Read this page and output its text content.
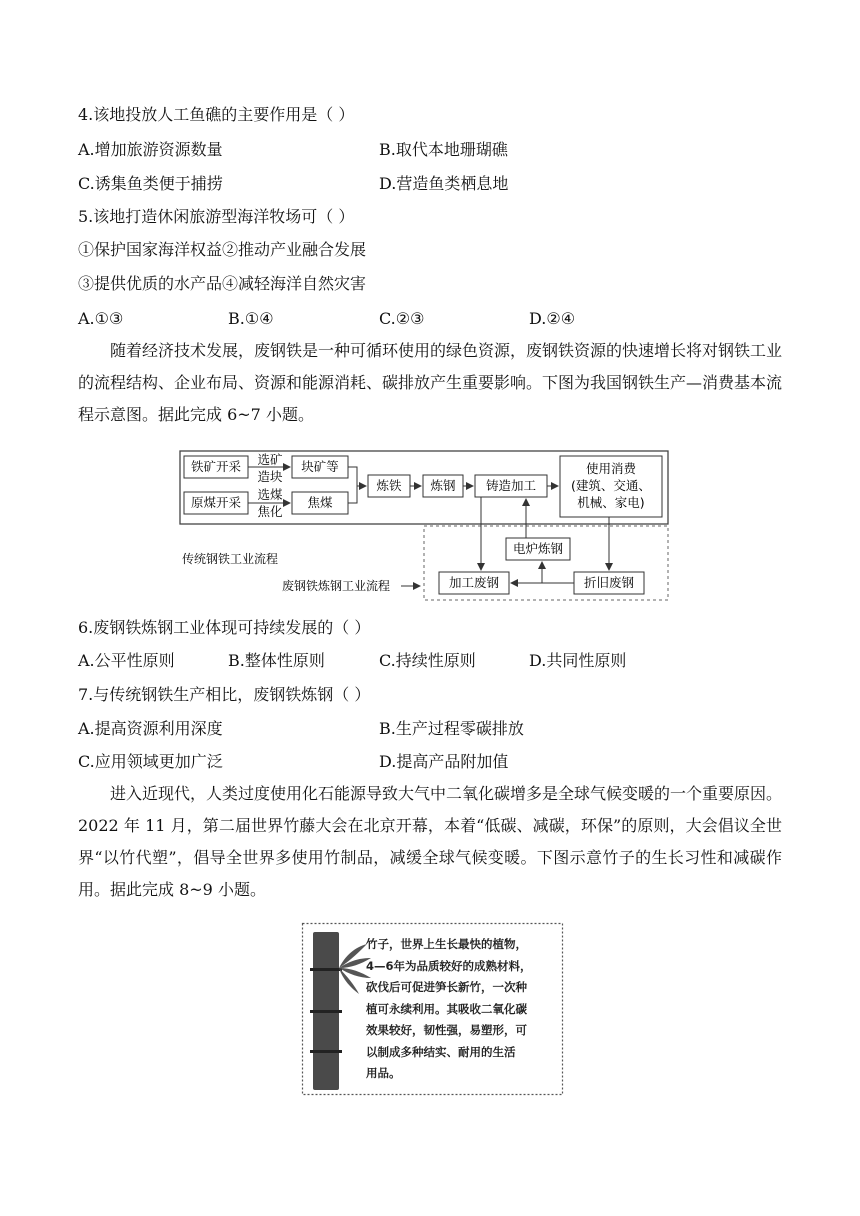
4.该地投放人工鱼礁的主要作用是（ ）
A.增加旅游资源数量	B.取代本地珊瑚礁
C.诱集鱼类便于捕捞	D.营造鱼类栖息地
5.该地打造休闲旅游型海洋牧场可（ ）
①保护国家海洋权益②推动产业融合发展
③提供优质的水产品④减轻海洋自然灾害
A.①③	B.①④	C.②③	D.②④
随着经济技术发展，废钢铁是一种可循环使用的绿色资源，废钢铁资源的快速增长将对钢铁工业的流程结构、企业布局、资源和能源消耗、碳排放产生重要影响。下图为我国钢铁生产—消费基本流程示意图。据此完成 6~7 小题。
铁矿开采
原煤开采
选矿
造块
选煤
焦化
块矿等
焦煤
炼铁 炼钢 铸造加工
使用消费
(建筑、交通、
机械、家电)
电炉炼钢
加工废钢	折旧废钢
传统钢铁工业流程
废钢铁炼钢工业流程
6.废钢铁炼钢工业体现可持续发展的（ ）
A.公平性原则	B.整体性原则	C.持续性原则	D.共同性原则
7.与传统钢铁生产相比，废钢铁炼钢（ ）
A.提高资源利用深度	B.生产过程零碳排放
C.应用领域更加广泛	D.提高产品附加值
进入近现代，人类过度使用化石能源导致大气中二氧化碳增多是全球气候变暖的一个重要原因。2022 年 11 月，第二届世界竹藤大会在北京开幕，本着“低碳、减碳，环保”的原则，大会倡议全世界“以竹代塑”，倡导全世界多使用竹制品，减缓全球气候变暖。下图示意竹子的生长习性和减碳作用。据此完成 8~9 小题。
竹子，世界上生长最快的植物，
4—6年为品质较好的成熟材料，
砍伐后可促进笋长新竹，一次种
植可永续利用。其吸收二氧化碳
效果较好，韧性强，易塑形，可
以制成多种结实、耐用的生活
用品。
